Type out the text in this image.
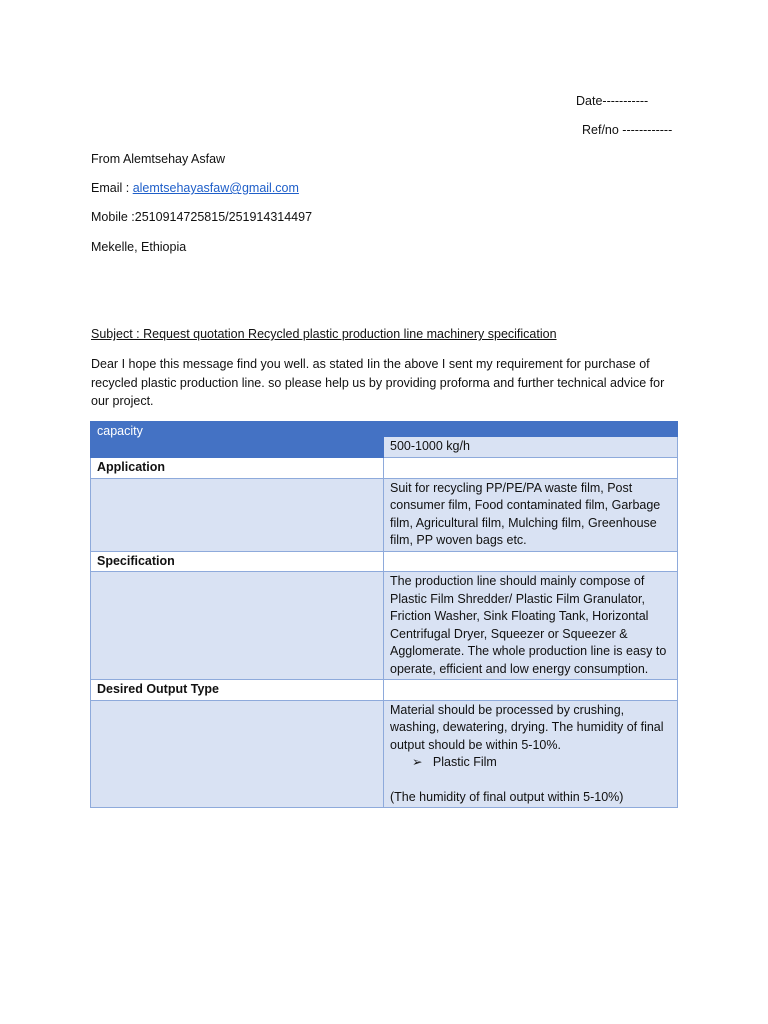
Date-----------
Ref/no ------------
From Alemtsehay Asfaw
Email : alemtsehayasfaw@gmail.com
Mobile :2510914725815/251914314497
Mekelle, Ethiopia
Subject : Request quotation Recycled plastic production line machinery specification
Dear I hope this message find you well. as stated Iin the above I sent my requirement for purchase of recycled plastic production line. so please help us by providing proforma and further technical advice for our project.
capacity	
	500-1000 kg/h
Application	
	Suit for recycling PP/PE/PA waste film, Post consumer film, Food contaminated film, Garbage film, Agricultural film, Mulching film, Greenhouse film, PP woven bags etc.
Specification	
	The production line should mainly compose of Plastic Film Shredder/ Plastic Film Granulator, Friction Washer, Sink Floating Tank, Horizontal Centrifugal Dryer, Squeezer or Squeezer & Agglomerate. The whole production line is easy to operate, efficient and low energy consumption.
Desired Output Type	

	Material should be processed by crushing, washing, dewatering, drying. The humidity of final output should be within 5-10%.
➢ Plastic Film
(The humidity of final output within 5-10%)
